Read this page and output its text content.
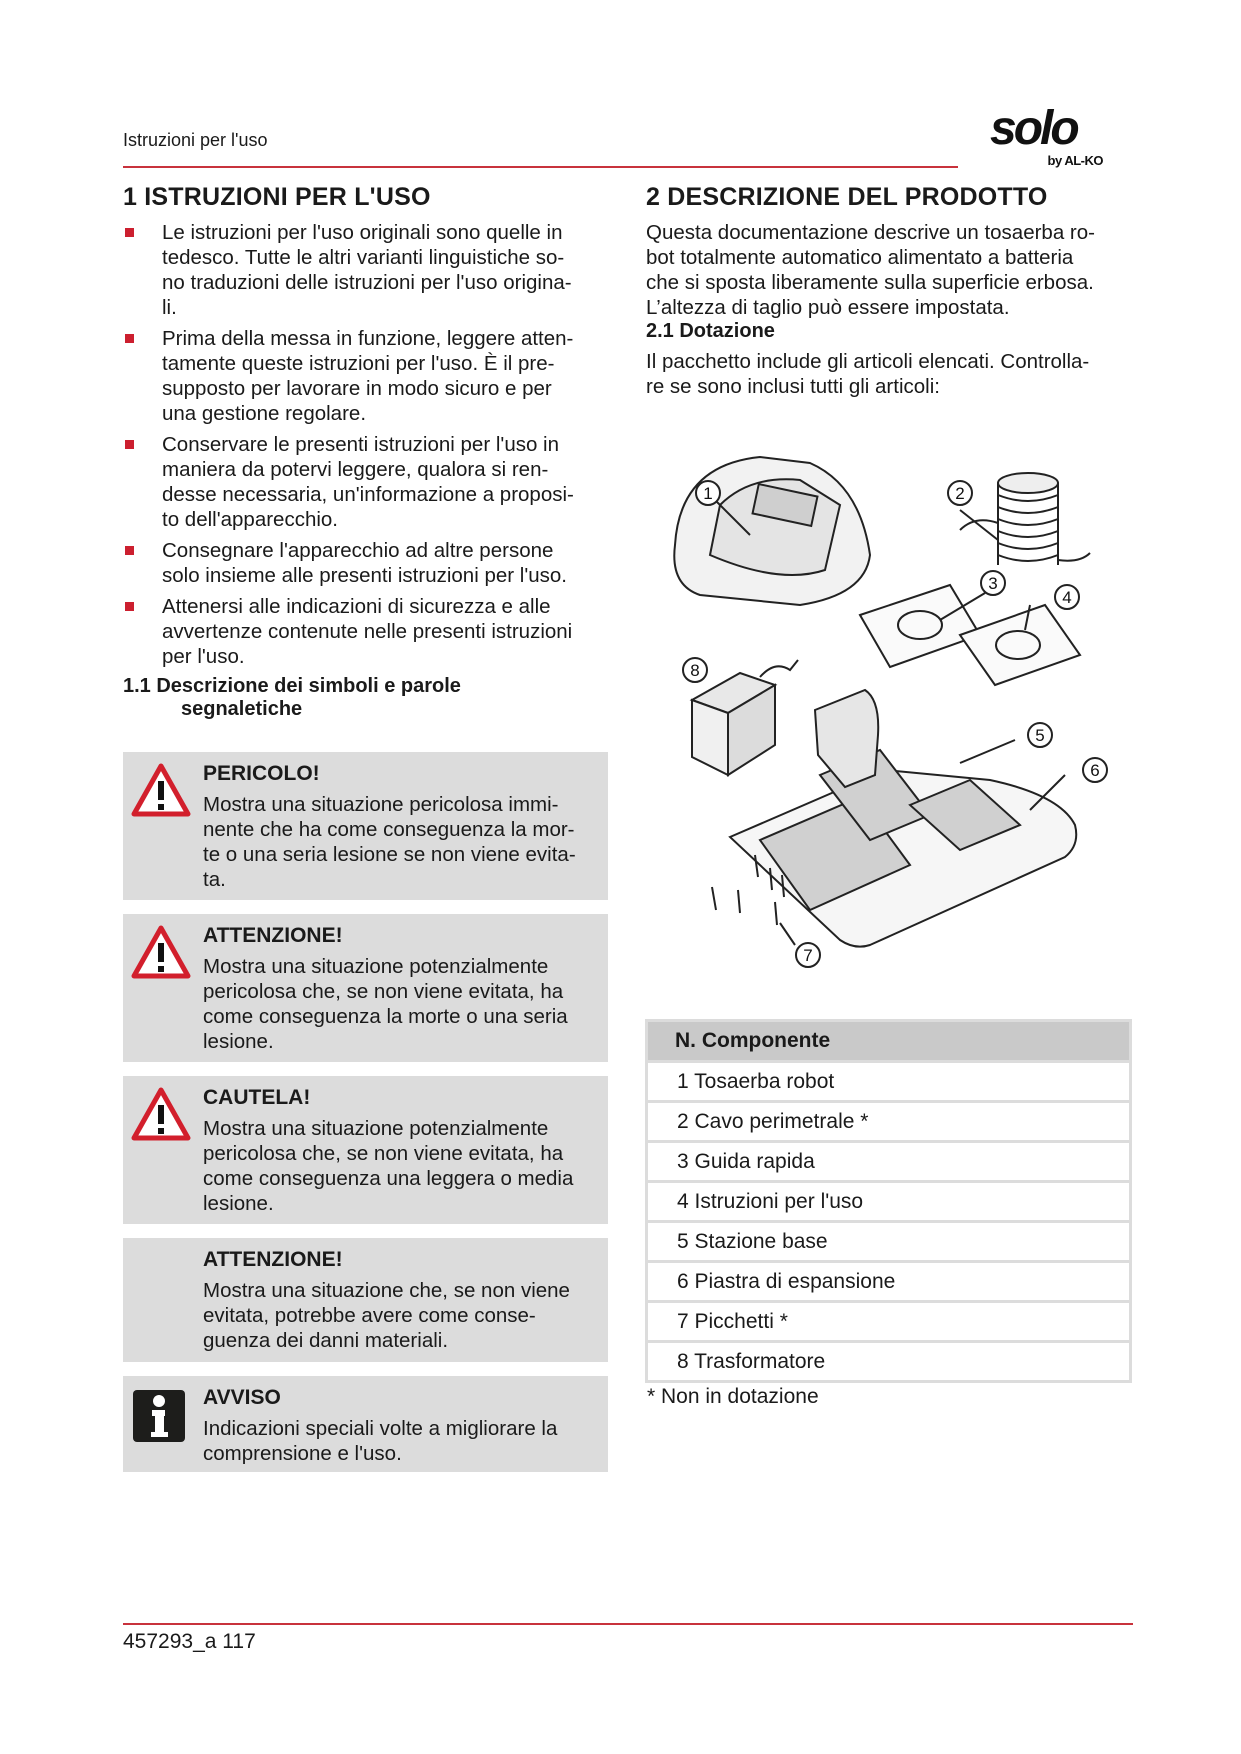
Istruzioni per l'uso	solo
by AL-KO
1 ISTRUZIONI PER L'USO
Le istruzioni per l'uso originali sono quelle in
tedesco. Tutte le altri varianti linguistiche so-
no traduzioni delle istruzioni per l'uso origina-
li.
Prima della messa in funzione, leggere atten-
tamente queste istruzioni per l'uso. È il pre-
supposto per lavorare in modo sicuro e per
una gestione regolare.
Conservare le presenti istruzioni per l'uso in
maniera da potervi leggere, qualora si ren-
desse necessaria, un'informazione a proposi-
to dell'apparecchio.
Consegnare l'apparecchio ad altre persone
solo insieme alle presenti istruzioni per l'uso.
Attenersi alle indicazioni di sicurezza e alle
avvertenze contenute nelle presenti istruzioni
per l'uso.
1.1 Descrizione dei simboli e parole
segnaletiche
PERICOLO!
Mostra una situazione pericolosa immi-
nente che ha come conseguenza la mor-
te o una seria lesione se non viene evita-
ta.
ATTENZIONE!
Mostra una situazione potenzialmente
pericolosa che, se non viene evitata, ha
come conseguenza la morte o una seria
lesione.
CAUTELA!
Mostra una situazione potenzialmente
pericolosa che, se non viene evitata, ha
come conseguenza una leggera o media
lesione.
ATTENZIONE!
Mostra una situazione che, se non viene
evitata, potrebbe avere come conse-
guenza dei danni materiali.
AVVISO
Indicazioni speciali volte a migliorare la
comprensione e l'uso.
2 DESCRIZIONE DEL PRODOTTO

Questa documentazione descrive un tosaerba ro-
bot totalmente automatico alimentato a batteria
che si sposta liberamente sulla superficie erbosa.
L’altezza di taglio può essere impostata.

2.1 Dotazione

Il pacchetto include gli articoli elencati. Controlla-
re se sono inclusi tutti gli articoli:

1	2
3
4
5
6
7
8
N. Componente
1 Tosaerba robot
2 Cavo perimetrale *
3 Guida rapida
4 Istruzioni per l'uso
5 Stazione base
6 Piastra di espansione
7 Picchetti *
8 Trasformatore
* Non in dotazione
457293_a 117
